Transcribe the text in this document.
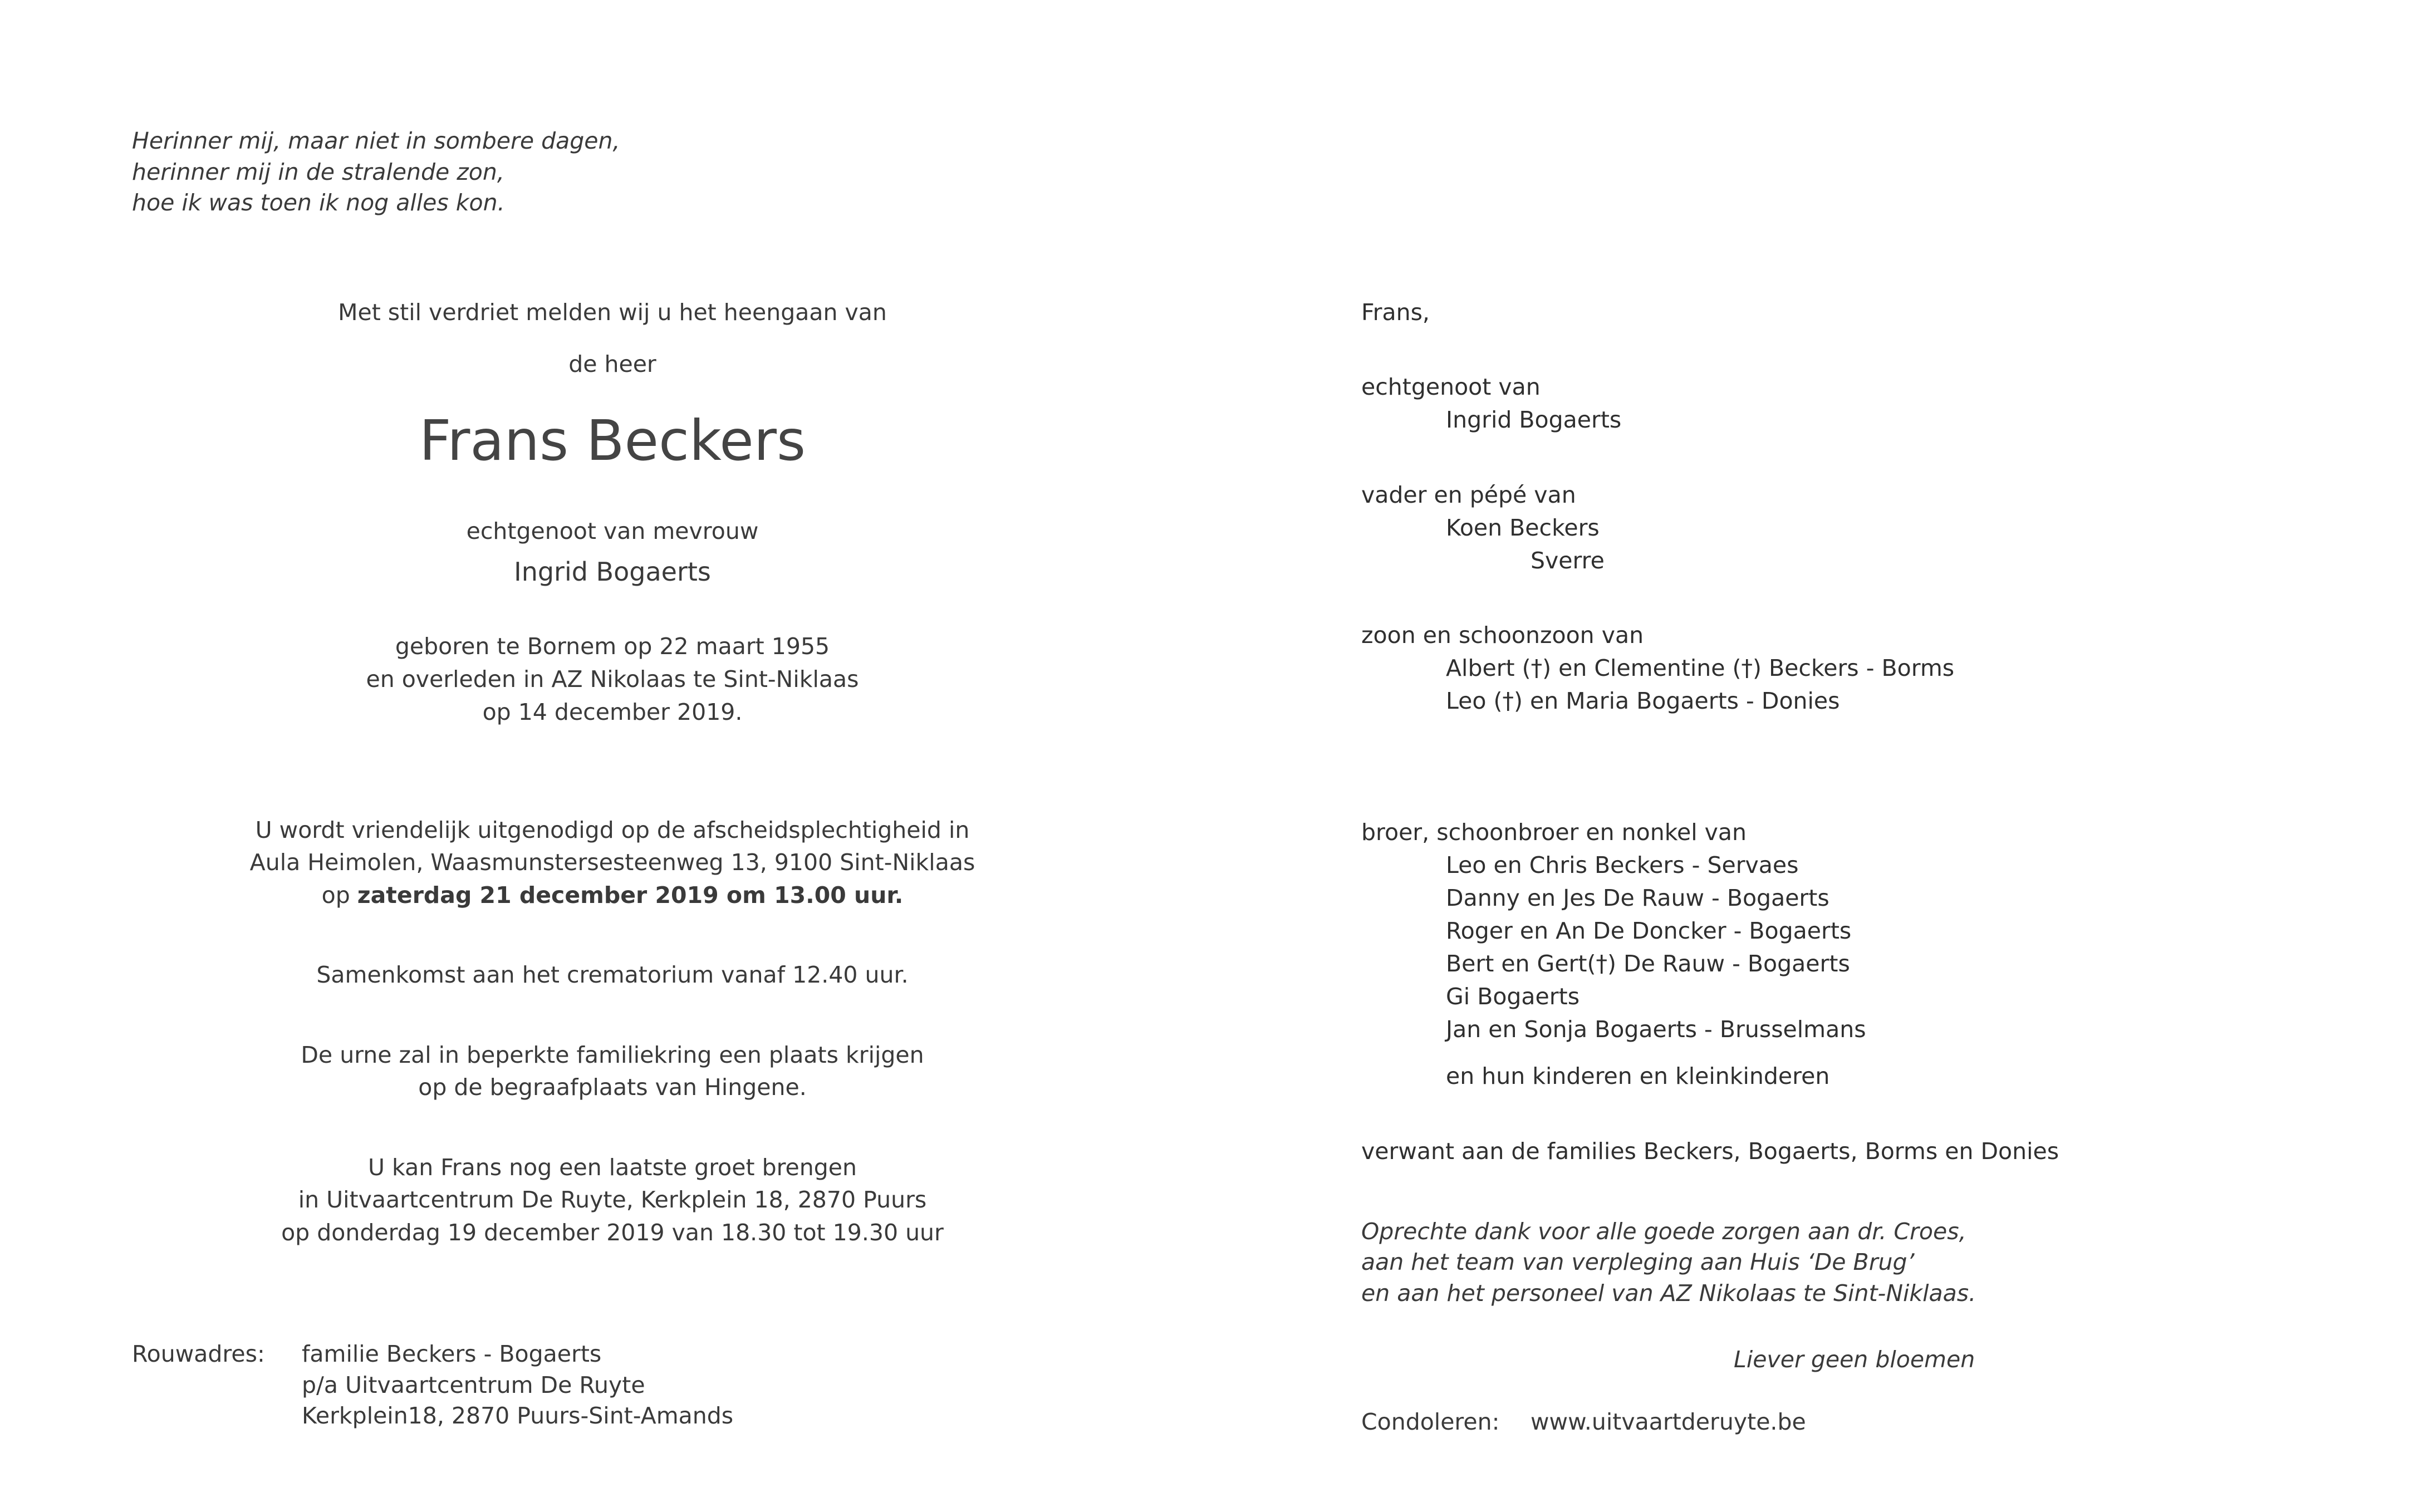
Herinner mij, maar niet in sombere dagen,
herinner mij in de stralende zon,
hoe ik was toen ik nog alles kon.
Met stil verdriet melden wij u het heengaan van
de heer
Frans Beckers
echtgenoot van mevrouw
Ingrid Bogaerts
geboren te Bornem op 22 maart 1955
en overleden in AZ Nikolaas te Sint-Niklaas
op 14 december 2019.
U wordt vriendelijk uitgenodigd op de afscheidsplechtigheid in
Aula Heimolen, Waasmunstersesteenweg 13, 9100 Sint-Niklaas
op zaterdag 21 december 2019 om 13.00 uur.
Samenkomst aan het crematorium vanaf 12.40 uur.
De urne zal in beperkte familiekring een plaats krijgen
op de begraafplaats van Hingene.
U kan Frans nog een laatste groet brengen
in Uitvaartcentrum De Ruyte, Kerkplein 18, 2870 Puurs
op donderdag 19 december 2019 van 18.30 tot 19.30 uur
Rouwadres: familie Beckers - Bogaerts
p/a Uitvaartcentrum De Ruyte
Kerkplein18, 2870 Puurs-Sint-Amands
Frans,
echtgenoot van
Ingrid Bogaerts
vader en pépé van
Koen Beckers
Sverre
zoon en schoonzoon van
Albert (†) en Clementine (†) Beckers - Borms
Leo (†) en Maria Bogaerts - Donies
broer, schoonbroer en nonkel van
Leo en Chris Beckers - Servaes
Danny en Jes De Rauw - Bogaerts
Roger en An De Doncker - Bogaerts
Bert en Gert(†) De Rauw - Bogaerts
Gi Bogaerts
Jan en Sonja Bogaerts - Brusselmans
en hun kinderen en kleinkinderen
verwant aan de families Beckers, Bogaerts, Borms en Donies
Oprechte dank voor alle goede zorgen aan dr. Croes,
aan het team van verpleging aan Huis ‘De Brug’
en aan het personeel van AZ Nikolaas te Sint-Niklaas.
Liever geen bloemen
Condoleren: www.uitvaartderuyte.be
